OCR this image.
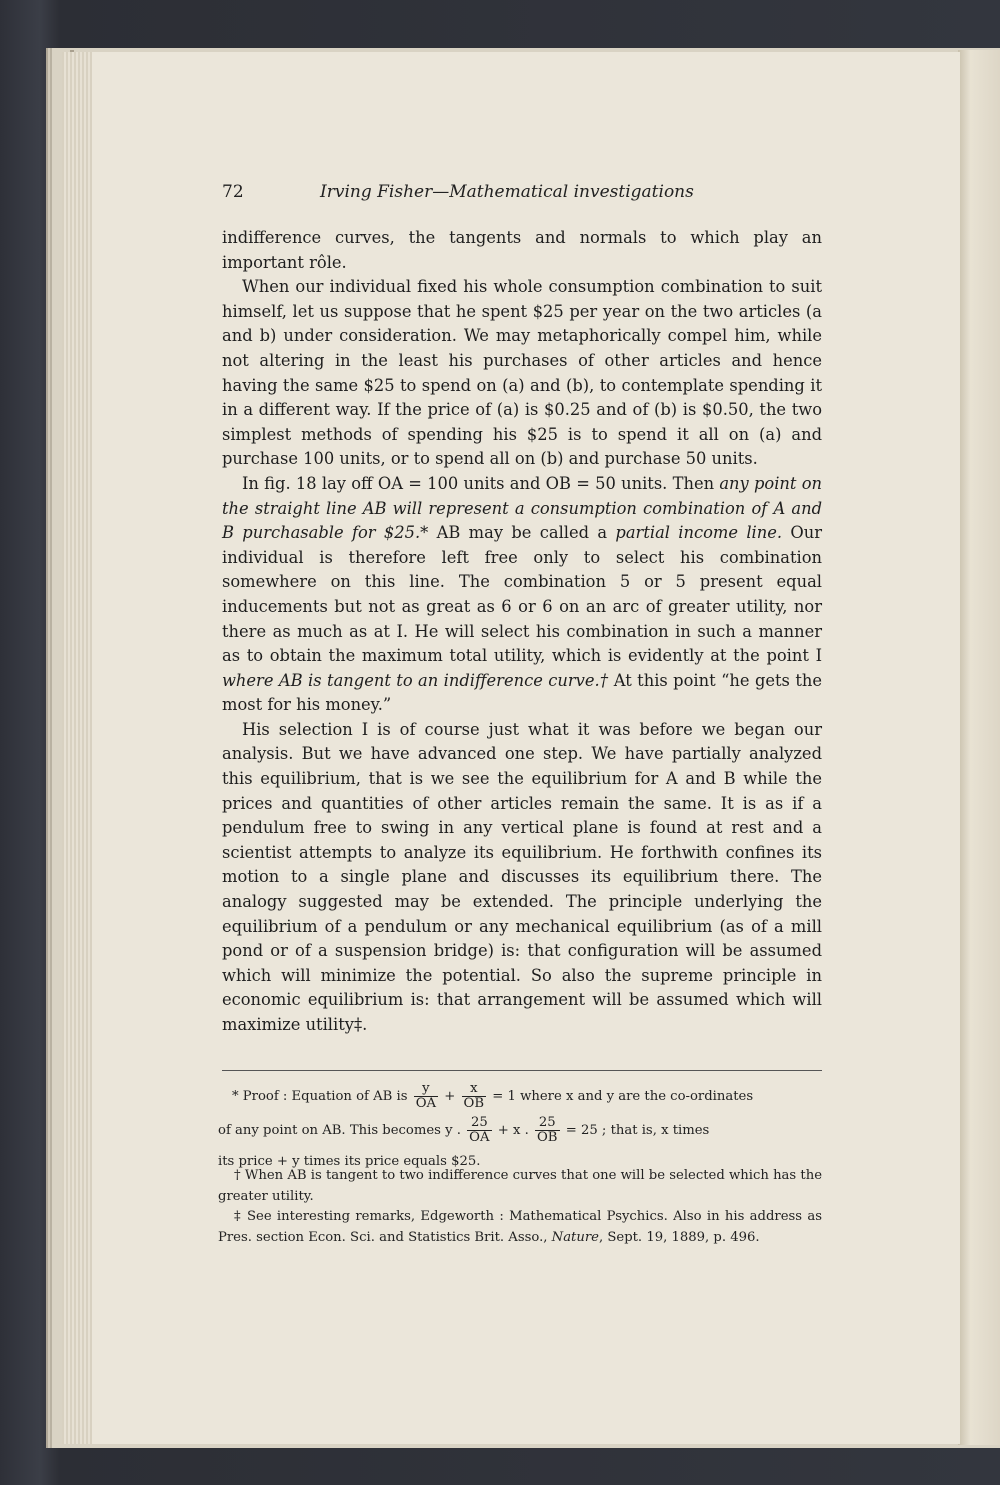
72	Irving Fisher—Mathematical investigations

indifference curves, the tangents and normals to which play an important rôle.

When our individual fixed his whole consumption combination to suit himself, let us suppose that he spent $25 per year on the two articles (a and b) under consideration. We may metaphorically compel him, while not altering in the least his purchases of other articles and hence having the same $25 to spend on (a) and (b), to contemplate spending it in a different way. If the price of (a) is $0.25 and of (b) is $0.50, the two simplest methods of spending his $25 is to spend it all on (a) and purchase 100 units, or to spend all on (b) and purchase 50 units.

In fig. 18 lay off OA = 100 units and OB = 50 units. Then any point on the straight line AB will represent a consumption combination of A and B purchasable for $25.* AB may be called a partial income line. Our individual is therefore left free only to select his combination somewhere on this line. The combination 5 or 5 present equal inducements but not as great as 6 or 6 on an arc of greater utility, nor there as much as at I. He will select his combination in such a manner as to obtain the maximum total utility, which is evidently at the point I where AB is tangent to an indifference curve.† At this point “he gets the most for his money.”

His selection I is of course just what it was before we began our analysis. But we have advanced one step. We have partially analyzed this equilibrium, that is we see the equilibrium for A and B while the prices and quantities of other articles remain the same. It is as if a pendulum free to swing in any vertical plane is found at rest and a scientist attempts to analyze its equilibrium. He forthwith confines its motion to a single plane and discusses its equilibrium there. The analogy suggested may be extended. The principle underlying the equilibrium of a pendulum or any mechanical equilibrium (as of a mill pond or of a suspension bridge) is: that configuration will be assumed which will minimize the potential. So also the supreme principle in economic equilibrium is: that arrangement will be assumed which will maximize utility‡.

* Proof : Equation of AB is $\frac{y}{OA} + \frac{x}{OB} = 1$ where x and y are the co-ordinates
of any point on AB. This becomes y . $\frac{25}{OA} + x$ . $\frac{25}{OB} = 25$ ; that is, x times
its price + y times its price equals $25.

† When AB is tangent to two indifference curves that one will be selected which has the greater utility.

‡ See interesting remarks, Edgeworth : Mathematical Psychics. Also in his address as Pres. section Econ. Sci. and Statistics Brit. Asso., Nature, Sept. 19, 1889, p. 496.
